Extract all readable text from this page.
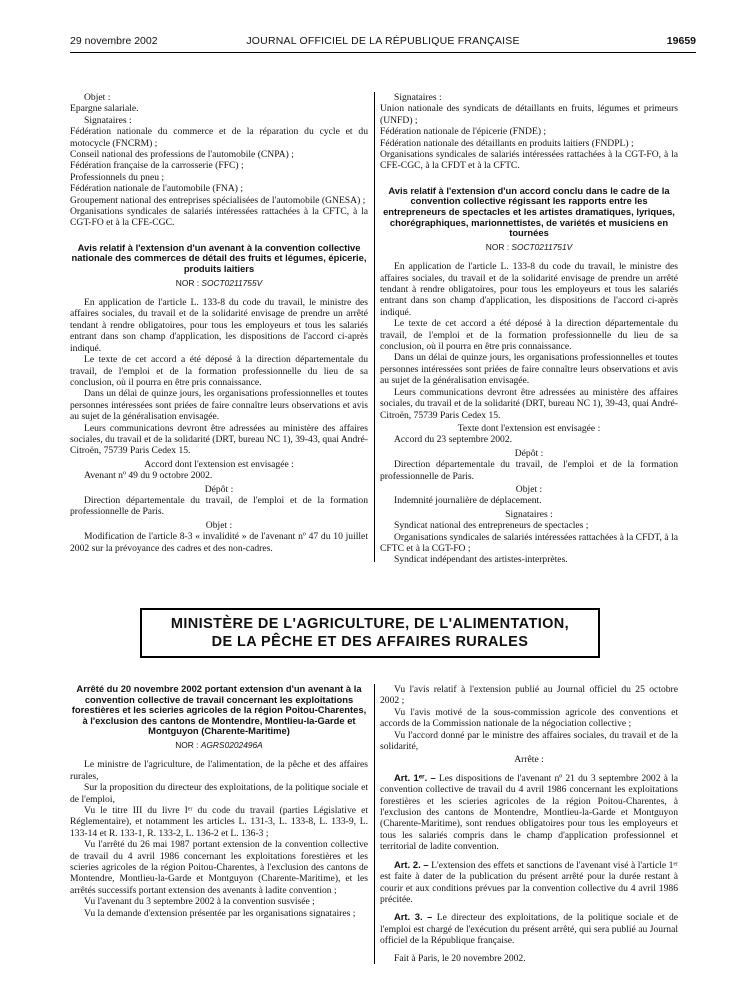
29 novembre 2002	JOURNAL OFFICIEL DE LA RÉPUBLIQUE FRANÇAISE	19659

Objet :

Epargne salariale.

Signataires :

Fédération nationale du commerce et de la réparation du cycle et du motocycle (FNCRM) ;

Conseil national des professions de l'automobile (CNPA) ;

Fédération française de la carrosserie (FFC) ;

Professionnels du pneu ;

Fédération nationale de l'automobile (FNA) ;

Groupement national des entreprises spécialisées de l'automobile (GNESA) ;

Organisations syndicales de salariés intéressées rattachées à la CFTC, à la CGT-FO et à la CFE-CGC.

Avis relatif à l'extension d'un avenant à la convention collective nationale des commerces de détail des fruits et légumes, épicerie, produits laitiers

NOR : SOCT0211755V

En application de l'article L. 133-8 du code du travail, le ministre des affaires sociales, du travail et de la solidarité envisage de prendre un arrêté tendant à rendre obligatoires, pour tous les employeurs et tous les salariés entrant dans son champ d'application, les dispositions de l'accord ci-après indiqué.

Le texte de cet accord a été déposé à la direction départementale du travail, de l'emploi et de la formation professionnelle du lieu de sa conclusion, où il pourra en être pris connaissance.

Dans un délai de quinze jours, les organisations professionnelles et toutes personnes intéressées sont priées de faire connaître leurs observations et avis au sujet de la généralisation envisagée.

Leurs communications devront être adressées au ministère des affaires sociales, du travail et de la solidarité (DRT, bureau NC 1), 39-43, quai André-Citroën, 75739 Paris Cedex 15.

Accord dont l'extension est envisagée :

Avenant nº 49 du 9 octobre 2002.

Dépôt :

Direction départementale du travail, de l'emploi et de la formation professionnelle de Paris.

Objet :

Modification de l'article 8-3 « invalidité » de l'avenant nº 47 du 10 juillet 2002 sur la prévoyance des cadres et des non-cadres.

Signataires :

Union nationale des syndicats de détaillants en fruits, légumes et primeurs (UNFD) ;

Fédération nationale de l'épicerie (FNDE) ;

Fédération nationale des détaillants en produits laitiers (FNDPL) ;

Organisations syndicales de salariés intéressées rattachées à la CGT-FO, à la CFE-CGC, à la CFDT et à la CFTC.

Avis relatif à l'extension d'un accord conclu dans le cadre de la convention collective régissant les rapports entre les entrepreneurs de spectacles et les artistes dramatiques, lyriques, chorégraphiques, marionnettistes, de variétés et musiciens en tournées

NOR : SOCT0211751V

En application de l'article L. 133-8 du code du travail, le ministre des affaires sociales, du travail et de la solidarité envisage de prendre un arrêté tendant à rendre obligatoires, pour tous les employeurs et tous les salariés entrant dans son champ d'application, les dispositions de l'accord ci-après indiqué.

Le texte de cet accord a été déposé à la direction départementale du travail, de l'emploi et de la formation professionnelle du lieu de sa conclusion, où il pourra en être pris connaissance.

Dans un délai de quinze jours, les organisations professionnelles et toutes personnes intéressées sont priées de faire connaître leurs observations et avis au sujet de la généralisation envisagée.

Leurs communications devront être adressées au ministère des affaires sociales, du travail et de la solidarité (DRT, bureau NC 1), 39-43, quai André-Citroën, 75739 Paris Cedex 15.

Texte dont l'extension est envisagée :

Accord du 23 septembre 2002.

Dépôt :

Direction départementale du travail, de l'emploi et de la formation professionnelle de Paris.

Objet :

Indemnité journalière de déplacement.

Signataires :

Syndicat national des entrepreneurs de spectacles ;

Organisations syndicales de salariés intéressées rattachées à la CFDT, à la CFTC et à la CGT-FO ;

Syndicat indépendant des artistes-interprètes.

MINISTÈRE DE L'AGRICULTURE, DE L'ALIMENTATION,
DE LA PÊCHE ET DES AFFAIRES RURALES

Arrêté du 20 novembre 2002 portant extension d'un avenant à la convention collective de travail concernant les exploitations forestières et les scieries agricoles de la région Poitou-Charentes, à l'exclusion des cantons de Montendre, Montlieu-la-Garde et Montguyon (Charente-Maritime)

NOR : AGRS0202496A

Le ministre de l'agriculture, de l'alimentation, de la pêche et des affaires rurales,

Sur la proposition du directeur des exploitations, de la politique sociale et de l'emploi,

Vu le titre III du livre Iᵉʳ du code du travail (parties Législative et Réglementaire), et notamment les articles L. 131-3, L. 133-8, L. 133-9, L. 133-14 et R. 133-1, R. 133-2, L. 136-2 et L. 136-3 ;

Vu l'arrêté du 26 mai 1987 portant extension de la convention collective de travail du 4 avril 1986 concernant les exploitations forestières et les scieries agricoles de la région Poitou-Charentes, à l'exclusion des cantons de Montendre, Montlieu-la-Garde et Montguyon (Charente-Maritime), et les arrêtés successifs portant extension des avenants à ladite convention ;

Vu l'avenant du 3 septembre 2002 à la convention susvisée ;

Vu la demande d'extension présentée par les organisations signataires ;

Vu l'avis relatif à l'extension publié au Journal officiel du 25 octobre 2002 ;

Vu l'avis motivé de la sous-commission agricole des conventions et accords de la Commission nationale de la négociation collective ;

Vu l'accord donné par le ministre des affaires sociales, du travail et de la solidarité,

Arrête :

Art. 1ᵉʳ. – Les dispositions de l'avenant nº 21 du 3 septembre 2002 à la convention collective de travail du 4 avril 1986 concernant les exploitations forestières et les scieries agricoles de la région Poitou-Charentes, à l'exclusion des cantons de Montendre, Montlieu-la-Garde et Montguyon (Charente-Maritime), sont rendues obligatoires pour tous les employeurs et tous les salariés compris dans le champ d'application professionnel et territorial de ladite convention.

Art. 2. – L'extension des effets et sanctions de l'avenant visé à l'article 1ᵉʳ est faite à dater de la publication du présent arrêté pour la durée restant à courir et aux conditions prévues par la convention collective du 4 avril 1986 précitée.

Art. 3. – Le directeur des exploitations, de la politique sociale et de l'emploi est chargé de l'exécution du présent arrêté, qui sera publié au Journal officiel de la République française.

Fait à Paris, le 20 novembre 2002.
